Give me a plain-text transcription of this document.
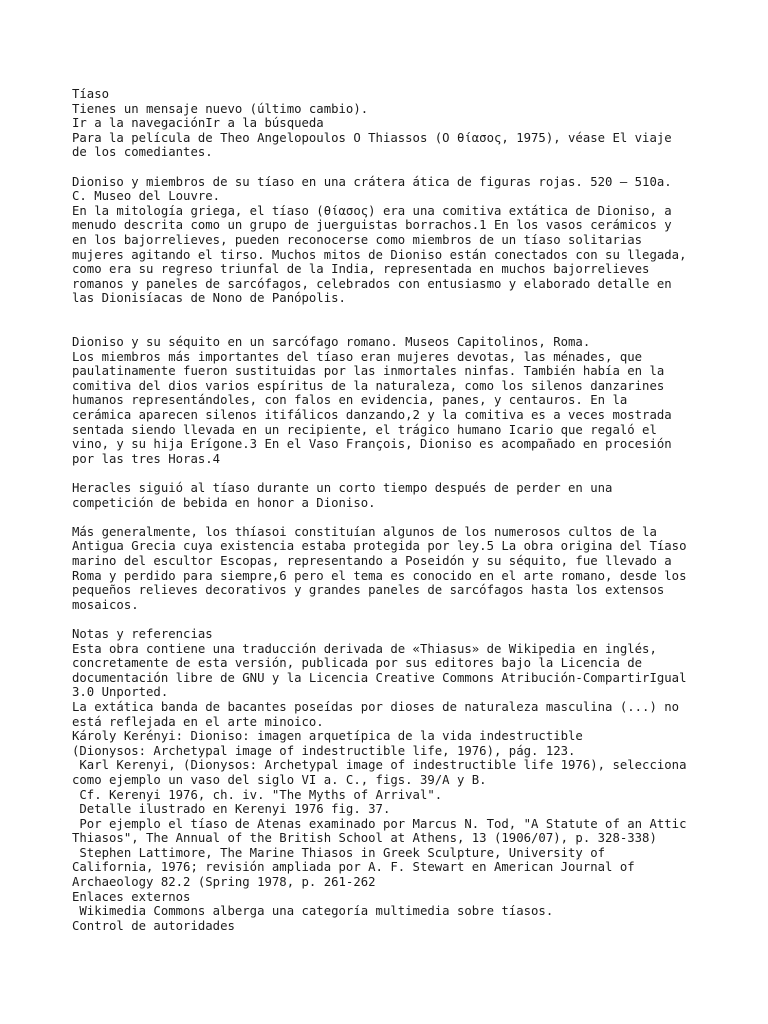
Tíaso
Tienes un mensaje nuevo (último cambio).
Ir a la navegaciónIr a la búsqueda
Para la película de Theo Angelopoulos O Thiassos (Ο θίασος, 1975), véase El viaje
de los comediantes.
Dioniso y miembros de su tíaso en una crátera ática de figuras rojas. 520 – 510a.
C. Museo del Louvre.
En la mitología griega, el tíaso (θίασος) era una comitiva extática de Dioniso, a
menudo descrita como un grupo de juerguistas borrachos.1 En los vasos cerámicos y
en los bajorrelieves, pueden reconocerse como miembros de un tíaso solitarias
mujeres agitando el tirso. Muchos mitos de Dioniso están conectados con su llegada,
como era su regreso triunfal de la India, representada en muchos bajorrelieves
romanos y paneles de sarcófagos, celebrados con entusiasmo y elaborado detalle en
las Dionisíacas de Nono de Panópolis.
Dioniso y su séquito en un sarcófago romano. Museos Capitolinos, Roma.
Los miembros más importantes del tíaso eran mujeres devotas, las ménades, que
paulatinamente fueron sustituidas por las inmortales ninfas. También había en la
comitiva del dios varios espíritus de la naturaleza, como los silenos danzarines
humanos representándoles, con falos en evidencia, panes, y centauros. En la
cerámica aparecen silenos itifálicos danzando,2 y la comitiva es a veces mostrada
sentada siendo llevada en un recipiente, el trágico humano Icario que regaló el
vino, y su hija Erígone.3 En el Vaso François, Dioniso es acompañado en procesión
por las tres Horas.4
Heracles siguió al tíaso durante un corto tiempo después de perder en una
competición de bebida en honor a Dioniso.
Más generalmente, los thíasoi constituían algunos de los numerosos cultos de la
Antigua Grecia cuya existencia estaba protegida por ley.5 La obra origina del Tíaso
marino del escultor Escopas, representando a Poseidón y su séquito, fue llevado a
Roma y perdido para siempre,6 pero el tema es conocido en el arte romano, desde los
pequeños relieves decorativos y grandes paneles de sarcófagos hasta los extensos
mosaicos.
Notas y referencias
Esta obra contiene una traducción derivada de «Thiasus» de Wikipedia en inglés,
concretamente de esta versión, publicada por sus editores bajo la Licencia de
documentación libre de GNU y la Licencia Creative Commons Atribución-CompartirIgual
3.0 Unported.
La extática banda de bacantes poseídas por dioses de naturaleza masculina (...) no
está reflejada en el arte minoico.
Károly Kerényi: Dioniso: imagen arquetípica de la vida indestructible
(Dionysos: Archetypal image of indestructible life, 1976), pág. 123.
Karl Kerenyi, (Dionysos: Archetypal image of indestructible life 1976), selecciona
como ejemplo un vaso del siglo VI a. C., figs. 39/A y B.
Cf. Kerenyi 1976, ch. iv. "The Myths of Arrival".
Detalle ilustrado en Kerenyi 1976 fig. 37.
Por ejemplo el tíaso de Atenas examinado por Marcus N. Tod, "A Statute of an Attic
Thiasos", The Annual of the British School at Athens, 13 (1906/07), p. 328-338)
Stephen Lattimore, The Marine Thiasos in Greek Sculpture, University of
California, 1976; revisión ampliada por A. F. Stewart en American Journal of
Archaeology 82.2 (Spring 1978, p. 261-262
Enlaces externos
Wikimedia Commons alberga una categoría multimedia sobre tíasos.
Control de autoridades
